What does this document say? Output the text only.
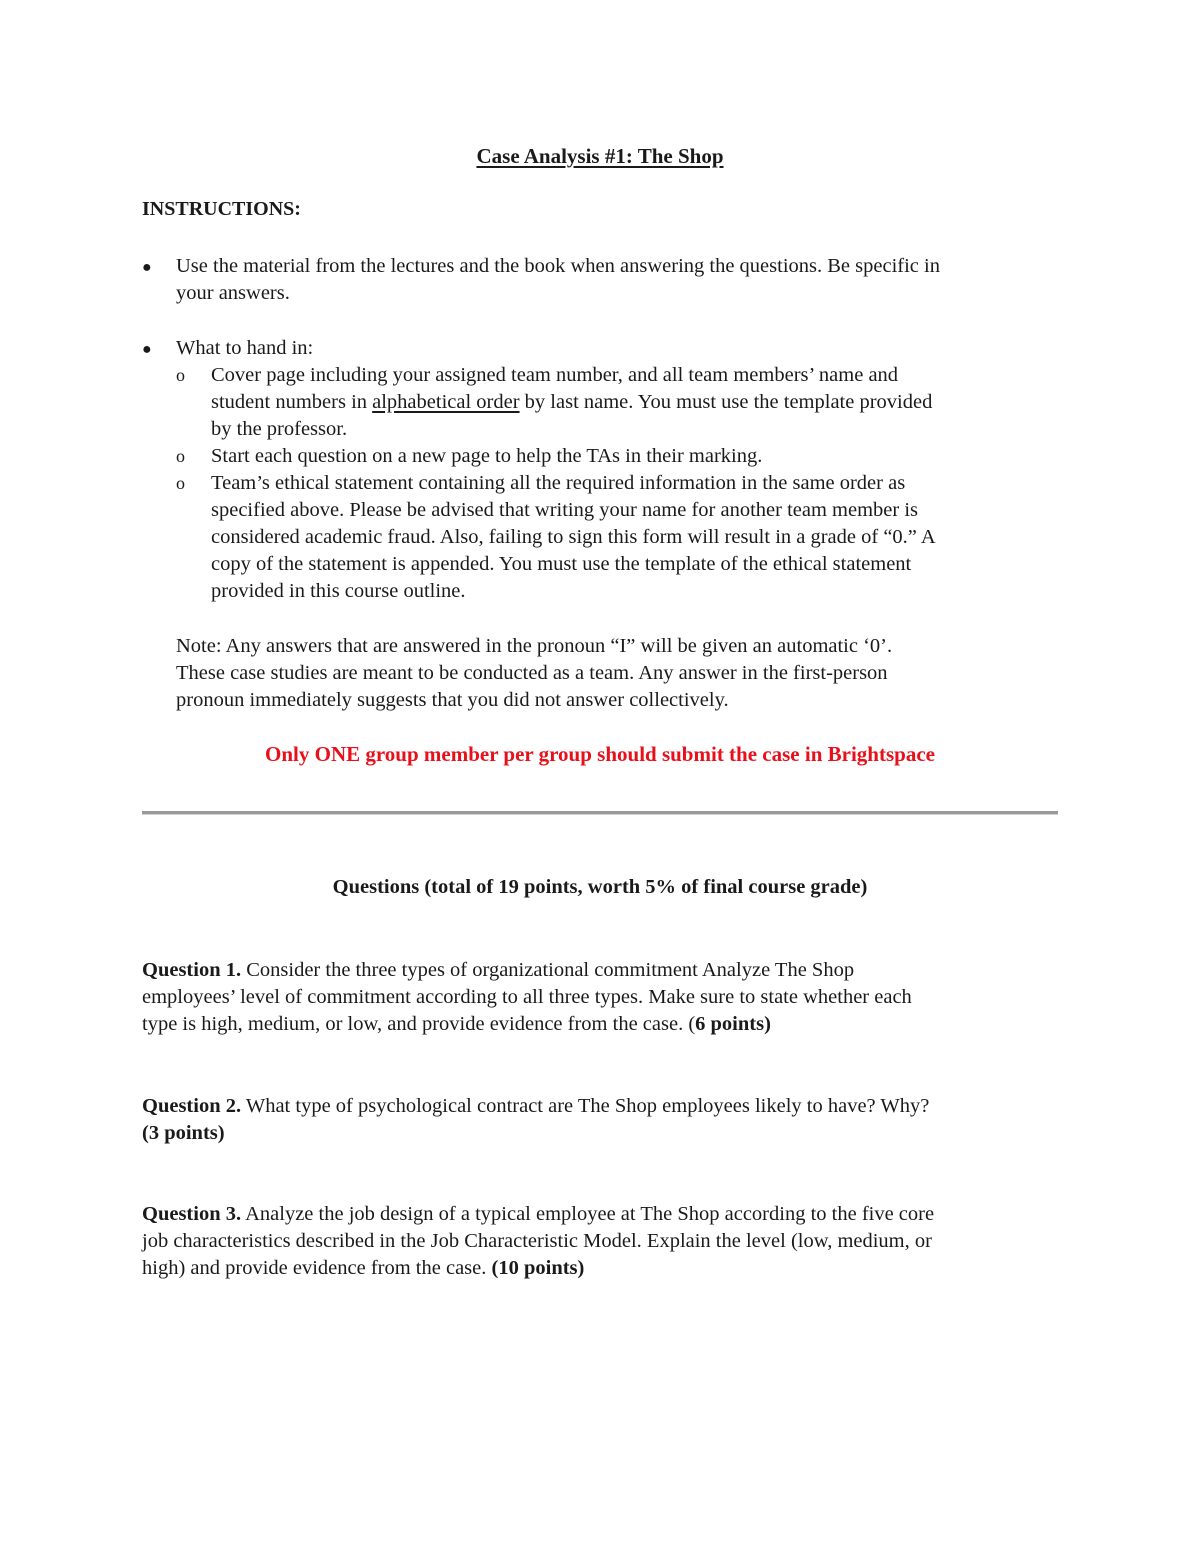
Case Analysis #1: The Shop
INSTRUCTIONS:
● Use the material from the lectures and the book when answering the questions. Be specific in
your answers.
● What to hand in:
o Cover page including your assigned team number, and all team members’ name and
student numbers in alphabetical order by last name. You must use the template provided
by the professor.
o Start each question on a new page to help the TAs in their marking.
o Team’s ethical statement containing all the required information in the same order as
specified above. Please be advised that writing your name for another team member is
considered academic fraud. Also, failing to sign this form will result in a grade of “0.” A
copy of the statement is appended. You must use the template of the ethical statement
provided in this course outline.
Note: Any answers that are answered in the pronoun “I” will be given an automatic ‘0’.
These case studies are meant to be conducted as a team. Any answer in the first-person
pronoun immediately suggests that you did not answer collectively.
Only ONE group member per group should submit the case in Brightspace
Questions (total of 19 points, worth 5% of final course grade)
Question 1. Consider the three types of organizational commitment Analyze The Shop
employees’ level of commitment according to all three types. Make sure to state whether each
type is high, medium, or low, and provide evidence from the case. (6 points)
Question 2. What type of psychological contract are The Shop employees likely to have? Why?
(3 points)
Question 3. Analyze the job design of a typical employee at The Shop according to the five core
job characteristics described in the Job Characteristic Model. Explain the level (low, medium, or
high) and provide evidence from the case. (10 points)
